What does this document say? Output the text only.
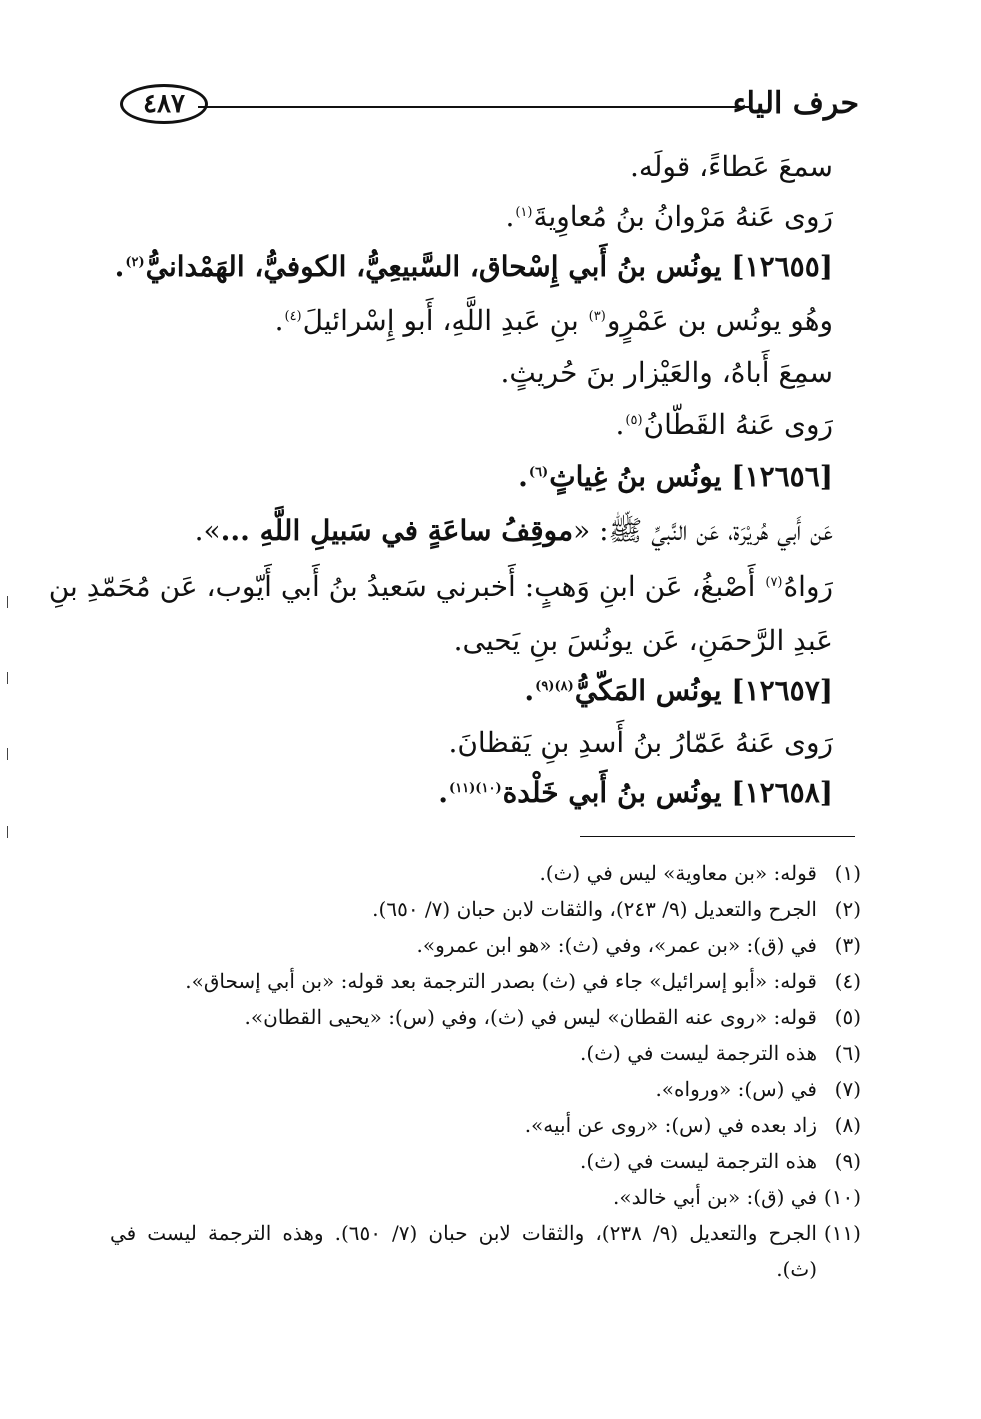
حرف الياء
٤٨٧
سمعَ عَطاءً، قولَه.
رَوى عَنهُ مَرْوانُ بنُ مُعاوِيةَ$^{(١)}$.
[١٢٦٥٥] يونُس بنُ أَبي إِسْحاق، السَّبيعِيُّ، الكوفيُّ، الهَمْدانيُّ$^{(٢)}$.
وهُو يونُس بن عَمْرٍو$^{(٣)}$ بنِ عَبدِ اللَّهِ، أَبو إِسْرائيلَ$^{(٤)}$.
سمِعَ أَباهُ، والعَيْزار بنَ حُريثٍ.
رَوى عَنهُ القَطّانُ$^{(٥)}$.
[١٢٦٥٦] يونُس بنُ غِياثٍ$^{(٦)}$.
عَن أَبي هُريْرَة، عَن النَّبيِّ ﷺ: «موقِفُ ساعَةٍ في سَبيلِ اللَّهِ ...».
رَواهُ$^{(٧)}$ أَصْبغُ، عَن ابنِ وَهبٍ: أَخبرني سَعيدُ بنُ أَبي أَيّوب، عَن مُحَمّدِ بنِ
عَبدِ الرَّحمَنِ، عَن يونُسَ بنِ يَحيى.
[١٢٦٥٧] يونُس المَكّيُّ$^{(٨)(٩)}$.
رَوى عَنهُ عَمّارُ بنُ أَسدِ بنِ يَقظانَ.
[١٢٦٥٨] يونُس بنُ أَبي خَلْدة$^{(١٠)(١١)}$.
(١)قوله: «بن معاوية» ليس في (ث).
(٢)الجرح والتعديل (٩/ ٢٤٣)، والثقات لابن حبان (٧/ ٦٥٠).
(٣)في (ق): «بن عمر»، وفي (ث): «هو ابن عمرو».
(٤)قوله: «أبو إسرائيل» جاء في (ث) بصدر الترجمة بعد قوله: «بن أبي إسحاق».
(٥)قوله: «روى عنه القطان» ليس في (ث)، وفي (س): «يحيى القطان».
(٦)هذه الترجمة ليست في (ث).
(٧)في (س): «ورواه».
(٨)زاد بعده في (س): «روى عن أبيه».
(٩)هذه الترجمة ليست في (ث).
(١٠)في (ق): «بن أبي خالد».
(١١)الجرح والتعديل (٩/ ٢٣٨)، والثقات لابن حبان (٧/ ٦٥٠). وهذه الترجمة ليست في
(ث).
